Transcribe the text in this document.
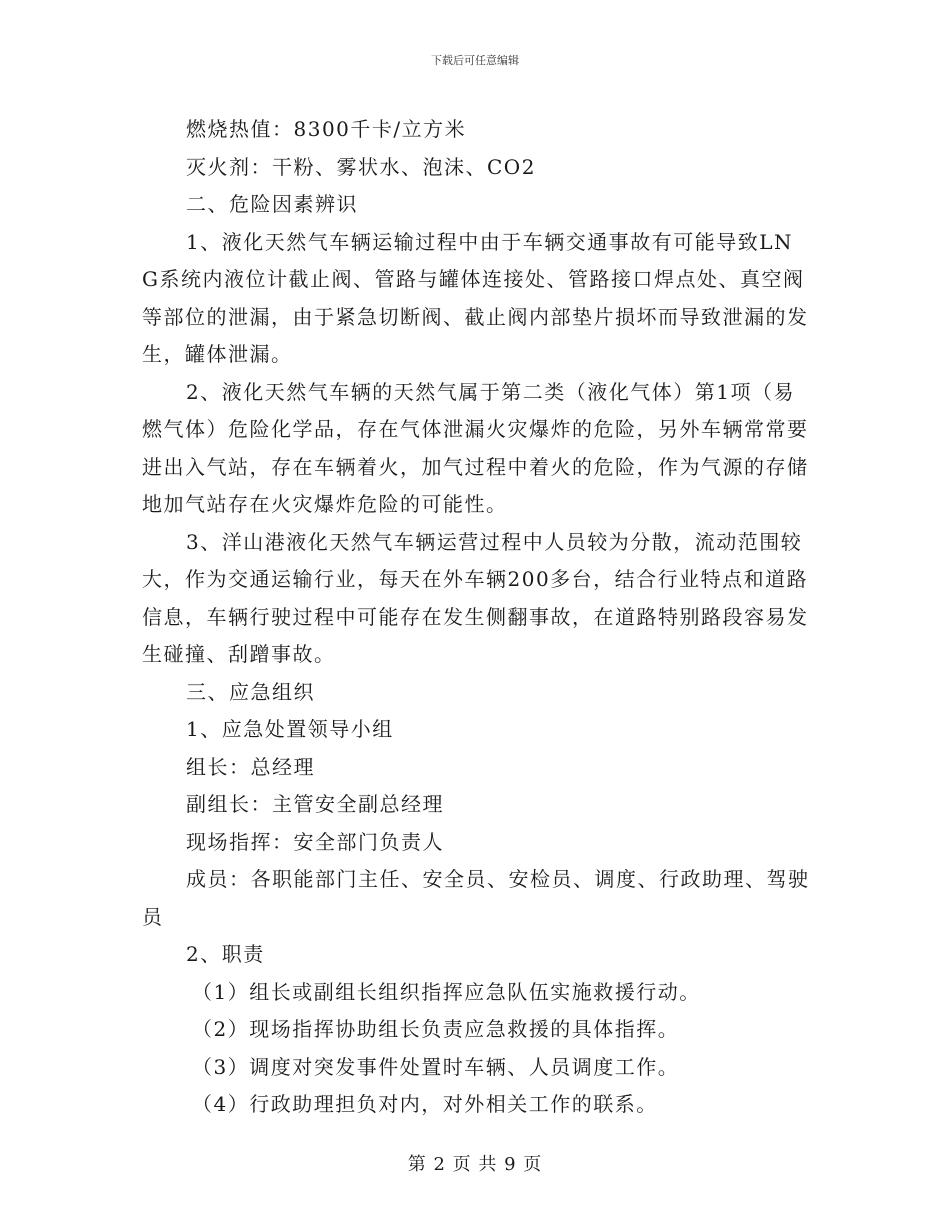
下载后可任意编辑

燃烧热值：8300千卡/立方米

灭火剂：干粉、雾状水、泡沫、CO2

二、危险因素辨识

1、液化天然气车辆运输过程中由于车辆交通事故有可能导致LNG系统内液位计截止阀、管路与罐体连接处、管路接口焊点处、真空阀等部位的泄漏，由于紧急切断阀、截止阀内部垫片损坏而导致泄漏的发生，罐体泄漏。

2、液化天然气车辆的天然气属于第二类（液化气体）第1项（易燃气体）危险化学品，存在气体泄漏火灾爆炸的危险，另外车辆常常要进出入气站，存在车辆着火，加气过程中着火的危险，作为气源的存储地加气站存在火灾爆炸危险的可能性。

3、洋山港液化天然气车辆运营过程中人员较为分散，流动范围较大，作为交通运输行业，每天在外车辆200多台，结合行业特点和道路信息，车辆行驶过程中可能存在发生侧翻事故，在道路特别路段容易发生碰撞、刮蹭事故。

三、应急组织

1、应急处置领导小组

组长：总经理

副组长：主管安全副总经理

现场指挥：安全部门负责人

成员：各职能部门主任、安全员、安检员、调度、行政助理、驾驶员

2、职责

（1）组长或副组长组织指挥应急队伍实施救援行动。

（2）现场指挥协助组长负责应急救援的具体指挥。

（3）调度对突发事件处置时车辆、人员调度工作。

（4）行政助理担负对内，对外相关工作的联系。

第 2 页 共 9 页
